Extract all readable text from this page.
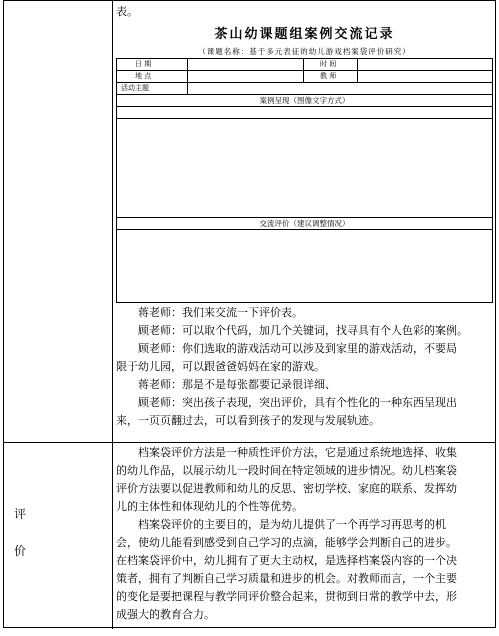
表。
茶山幼课题组案例交流记录
（课题名称：基于多元表征的幼儿游戏档案袋评价研究）
日 期	时 间
地 点	教 师
活动主题
案例呈现（图像文字方式）
交流评价（建议调整情况）
蒋老师：我们来交流一下评价表。
顾老师：可以取个代码，加几个关键词，找寻具有个人色彩的案例。
顾老师：你们选取的游戏活动可以涉及到家里的游戏活动，不要局
限于幼儿园，可以跟爸爸妈妈在家的游戏。
蒋老师：那是不是每张都要记录很详细、
顾老师：突出孩子表现，突出评价，具有个性化的一种东西呈现出
来，一页页翻过去，可以看到孩子的发现与发展轨迹。
评
价
档案袋评价方法是一种质性评价方法，它是通过系统地选择、收集
的幼儿作品，以展示幼儿一段时间在特定领域的进步情况。幼儿档案袋
评价方法要以促进教师和幼儿的反思、密切学校、家庭的联系、发挥幼
儿的主体性和体现幼儿的个性等优势。
档案袋评价的主要目的，是为幼儿提供了一个再学习再思考的机
会，使幼儿能看到感受到自己学习的点滴，能够学会判断自己的进步。
在档案袋评价中，幼儿拥有了更大主动权，是选择档案袋内容的一个决
策者，拥有了判断自己学习质量和进步的机会。对教师而言，一个主要
的变化是要把课程与教学同评价整合起来，贯彻到日常的教学中去，形
成强大的教育合力。
